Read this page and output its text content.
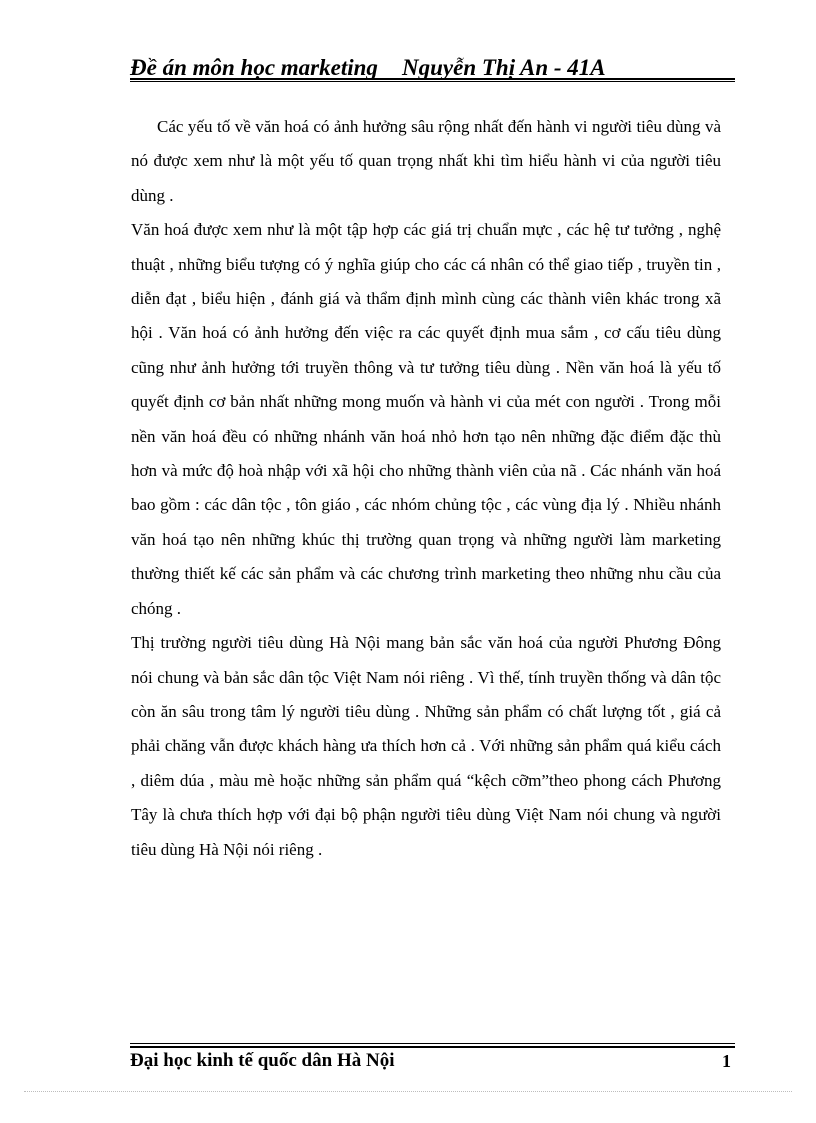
Đề án môn học marketing	Nguyễn Thị An - 41A

Các yếu tố về văn hoá có ảnh hưởng sâu rộng nhất đến hành vi người tiêu dùng và nó được xem như là một yếu tố quan trọng nhất khi tìm hiểu hành vi của người tiêu dùng .

Văn hoá được xem như là một tập hợp các giá trị chuẩn mực , các hệ tư tưởng , nghệ thuật , những biểu tượng có ý nghĩa giúp cho các cá nhân có thể giao tiếp , truyền tin , diễn đạt , biểu hiện , đánh giá và thẩm định mình cùng các thành viên khác trong xã hội . Văn hoá có ảnh hưởng đến việc ra các quyết định mua sắm , cơ cấu tiêu dùng cũng như ảnh hưởng tới truyền thông và tư tưởng tiêu dùng . Nền văn hoá là yếu tố quyết định cơ bản nhất những mong muốn và hành vi của mét con người . Trong mỗi nền văn hoá đều có những nhánh văn hoá nhỏ hơn tạo nên những đặc điểm đặc thù hơn và mức độ hoà nhập với xã hội cho những thành viên của nã . Các nhánh văn hoá bao gồm : các dân tộc , tôn giáo , các nhóm chủng tộc , các vùng địa lý . Nhiều nhánh văn hoá tạo nên những khúc thị trường quan trọng và những người làm marketing thường thiết kế các sản phẩm và các chương trình marketing theo những nhu cầu của chóng .

Thị trường người tiêu dùng Hà Nội mang bản sắc văn hoá của người Phương Đông nói chung và bản sắc dân tộc Việt Nam nói riêng . Vì thế, tính truyền thống và dân tộc còn ăn sâu trong tâm lý người tiêu dùng . Những sản phẩm có chất lượng tốt , giá cả phải chăng vẫn được khách hàng ưa thích hơn cả . Với những sản phẩm quá kiểu cách , diêm dúa , màu mè hoặc những sản phẩm quá “kệch cỡm”theo phong cách Phương Tây là chưa thích hợp với đại bộ phận người tiêu dùng Việt Nam nói chung và người tiêu dùng Hà Nội nói riêng .

Đại học kinh tế quốc dân Hà Nội	1
